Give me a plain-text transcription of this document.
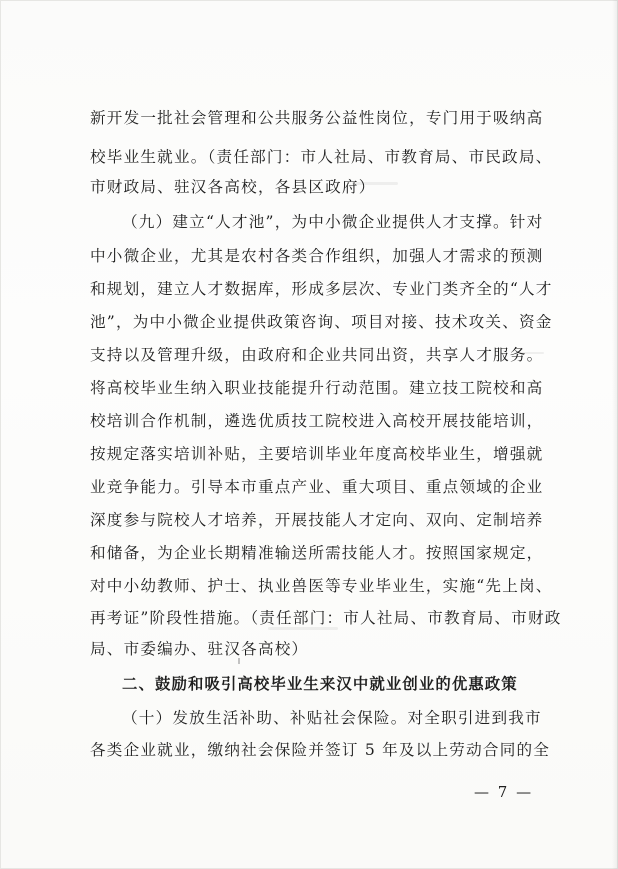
新开发一批社会管理和公共服务公益性岗位，专门用于吸纳高
校毕业生就业。（责任部门：市人社局、市教育局、市民政局、
市财政局、驻汉各高校，各县区政府）
（九）建立“人才池”，为中小微企业提供人才支撑。针对
中小微企业，尤其是农村各类合作组织，加强人才需求的预测
和规划，建立人才数据库，形成多层次、专业门类齐全的“人才
池”，为中小微企业提供政策咨询、项目对接、技术攻关、资金
支持以及管理升级，由政府和企业共同出资，共享人才服务。
将高校毕业生纳入职业技能提升行动范围。建立技工院校和高
校培训合作机制，遴选优质技工院校进入高校开展技能培训，
按规定落实培训补贴，主要培训毕业年度高校毕业生，增强就
业竞争能力。引导本市重点产业、重大项目、重点领域的企业
深度参与院校人才培养，开展技能人才定向、双向、定制培养
和储备，为企业长期精准输送所需技能人才。按照国家规定，
对中小幼教师、护士、执业兽医等专业毕业生，实施“先上岗、
再考证”阶段性措施。（责任部门：市人社局、市教育局、市财政
局、市委编办、驻汉各高校）
二、鼓励和吸引高校毕业生来汉中就业创业的优惠政策
（十）发放生活补助、补贴社会保险。对全职引进到我市
各类企业就业，缴纳社会保险并签订 5 年及以上劳动合同的全
— 7 —
